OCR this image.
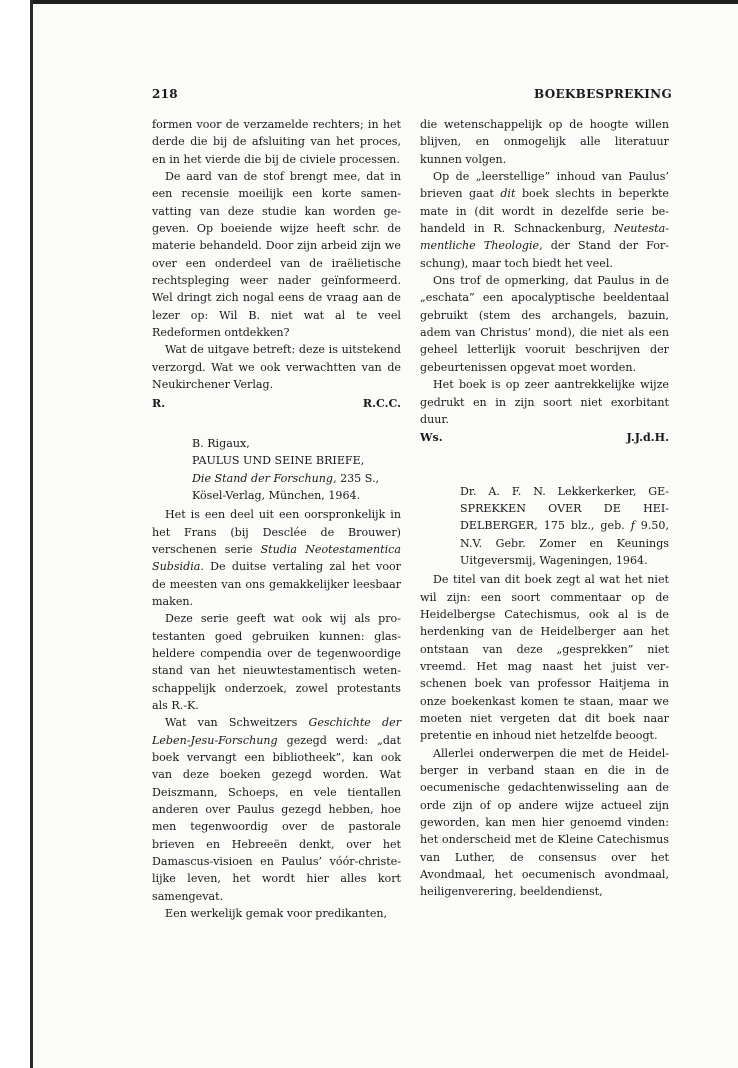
218	BOEKBESPREKING

formen voor de verzamelde rechters; in het derde die bij de afsluiting van het proces, en in het vierde die bij de civiele processen.

De aard van de stof brengt mee, dat in een recensie moeilijk een korte samenvatting van deze studie kan worden gegeven. Op boeiende wijze heeft schr. de materie behandeld. Door zijn arbeid zijn we over een onderdeel van de iraëlietische rechtspleging weer nader geïnformeerd. Wel dringt zich nogal eens de vraag aan de lezer op: Wil B. niet wat al te veel Redeformen ontdekken?

Wat de uitgave betreft: deze is uitstekend verzorgd. Wat we ook verwachtten van de Neukirchener Verlag.

R.	R.C.C.
B. Rigaux,
PAULUS UND SEINE BRIEFE,
Die Stand der Forschung, 235 S.,
Kösel-Verlag, München, 1964.

Het is een deel uit een oorspronkelijk in het Frans (bij Desclée de Brouwer) verschenen serie Studia Neotestamentica Subsidia. De duitse vertaling zal het voor de meesten van ons gemakkelijker leesbaar maken.

Deze serie geeft wat ook wij als protestanten goed gebruiken kunnen: glasheldere compendia over de tegenwoordige stand van het nieuwtestamentisch wetenschappelijk onderzoek, zowel protestants als R.-K.

Wat van Schweitzers Geschichte der Leben-Jesu-Forschung gezegd werd: „dat boek vervangt een bibliotheek”, kan ook van deze boeken gezegd worden. Wat Deiszmann, Schoeps, en vele tientallen anderen over Paulus gezegd hebben, hoe men tegenwoordig over de pastorale brieven en Hebreeën denkt, over het Damascus-visioen en Paulus’ vóór-christelijke leven, het wordt hier alles kort samengevat.

Een werkelijk gemak voor predikanten,

die wetenschappelijk op de hoogte willen blijven, en onmogelijk alle literatuur kunnen volgen.

Op de „leerstellige” inhoud van Paulus’ brieven gaat dit boek slechts in beperkte mate in (dit wordt in dezelfde serie behandeld in R. Schnackenburg, Neutestamentliche Theologie, der Stand der Forschung), maar toch biedt het veel.

Ons trof de opmerking, dat Paulus in de „eschata” een apocalyptische beeldentaal gebruikt (stem des archangels, bazuin, adem van Christus’ mond), die niet als een geheel letterlijk vooruit beschrijven der gebeurtenissen opgevat moet worden.

Het boek is op zeer aantrekkelijke wijze gedrukt en in zijn soort niet exorbitant duur.

Ws.	J.J.d.H.
Dr. A. F. N. Lekkerkerker, GESPREKKEN OVER DE HEIDELBERGER, 175 blz., geb. f 9.50, N.V. Gebr. Zomer en Keunings Uitgeversmij, Wageningen, 1964.

De titel van dit boek zegt al wat het niet wil zijn: een soort commentaar op de Heidelbergse Catechismus, ook al is de herdenking van de Heidelberger aan het ontstaan van deze „gesprekken” niet vreemd. Het mag naast het juist verschenen boek van professor Haitjema in onze boekenkast komen te staan, maar we moeten niet vergeten dat dit boek naar pretentie en inhoud niet hetzelfde beoogt.

Allerlei onderwerpen die met de Heidelberger in verband staan en die in de oecumenische gedachtenwisseling aan de orde zijn of op andere wijze actueel zijn geworden, kan men hier genoemd vinden: het onderscheid met de Kleine Catechismus van Luther, de consensus over het Avondmaal, het oecumenisch avondmaal, heiligenverering, beeldendienst,
